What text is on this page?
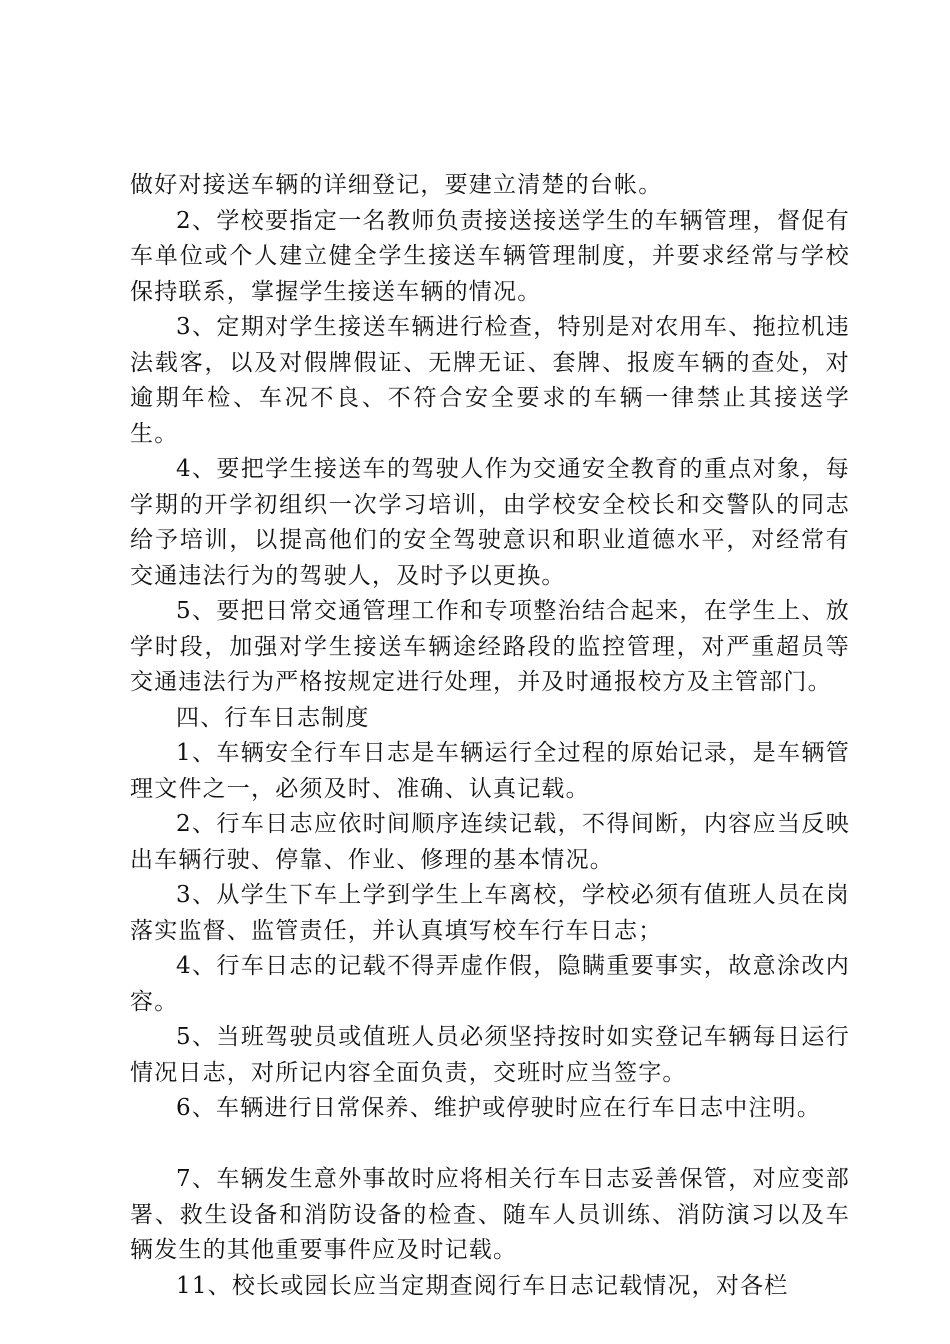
做好对接送车辆的详细登记，要建立清楚的台帐。

2、学校要指定一名教师负责接送接送学生的车辆管理，督促有车单位或个人建立健全学生接送车辆管理制度，并要求经常与学校保持联系，掌握学生接送车辆的情况。

3、定期对学生接送车辆进行检查，特别是对农用车、拖拉机违法载客，以及对假牌假证、无牌无证、套牌、报废车辆的查处，对逾期年检、车况不良、不符合安全要求的车辆一律禁止其接送学生。

4、要把学生接送车的驾驶人作为交通安全教育的重点对象，每学期的开学初组织一次学习培训，由学校安全校长和交警队的同志给予培训，以提高他们的安全驾驶意识和职业道德水平，对经常有交通违法行为的驾驶人，及时予以更换。

5、要把日常交通管理工作和专项整治结合起来，在学生上、放学时段，加强对学生接送车辆途经路段的监控管理，对严重超员等交通违法行为严格按规定进行处理，并及时通报校方及主管部门。

四、行车日志制度

1、车辆安全行车日志是车辆运行全过程的原始记录，是车辆管理文件之一，必须及时、准确、认真记载。

2、行车日志应依时间顺序连续记载，不得间断，内容应当反映出车辆行驶、停靠、作业、修理的基本情况。

3、从学生下车上学到学生上车离校，学校必须有值班人员在岗落实监督、监管责任，并认真填写校车行车日志；

4、行车日志的记载不得弄虚作假，隐瞒重要事实，故意涂改内容。

5、当班驾驶员或值班人员必须坚持按时如实登记车辆每日运行情况日志，对所记内容全面负责，交班时应当签字。

6、车辆进行日常保养、维护或停驶时应在行车日志中注明。

7、车辆发生意外事故时应将相关行车日志妥善保管，对应变部署、救生设备和消防设备的检查、随车人员训练、消防演习以及车辆发生的其他重要事件应及时记载。

11、校长或园长应当定期查阅行车日志记载情况，对各栏
